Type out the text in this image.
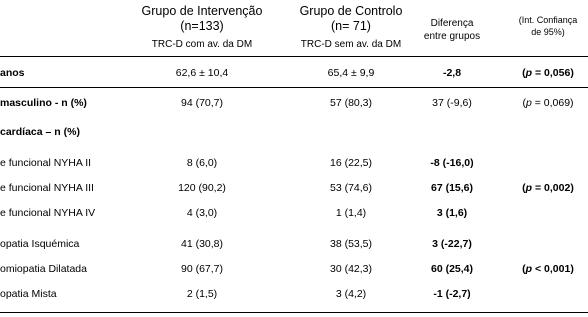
Grupo de Intervenção
(n=133)
TRC-D com av. da DM
Grupo de Controlo
(n= 71)
TRC-D sem av. da DM
Diferença
entre grupos
(Int. Confiança
de 95%)
anos	62,6 ± 10,4	65,4 ± 9,9	-2,8	(p = 0,056)
masculino - n (%)	94 (70,7)	57 (80,3)	37 (-9,6)	(p = 0,069)
cardíaca – n (%)
e funcional NYHA II	8 (6,0)	16 (22,5)	-8 (-16,0)
e funcional NYHA III	120 (90,2)	53 (74,6)	67 (15,6)	(p = 0,002)
e funcional NYHA IV	4 (3,0)	1 (1,4)	3 (1,6)
opatia Isquémica	41 (30,8)	38 (53,5)	3 (-22,7)
omiopatia Dilatada	90 (67,7)	30 (42,3)	60 (25,4)	(p < 0,001)
opatia Mista	2 (1,5)	3 (4,2)	-1 (-2,7)
